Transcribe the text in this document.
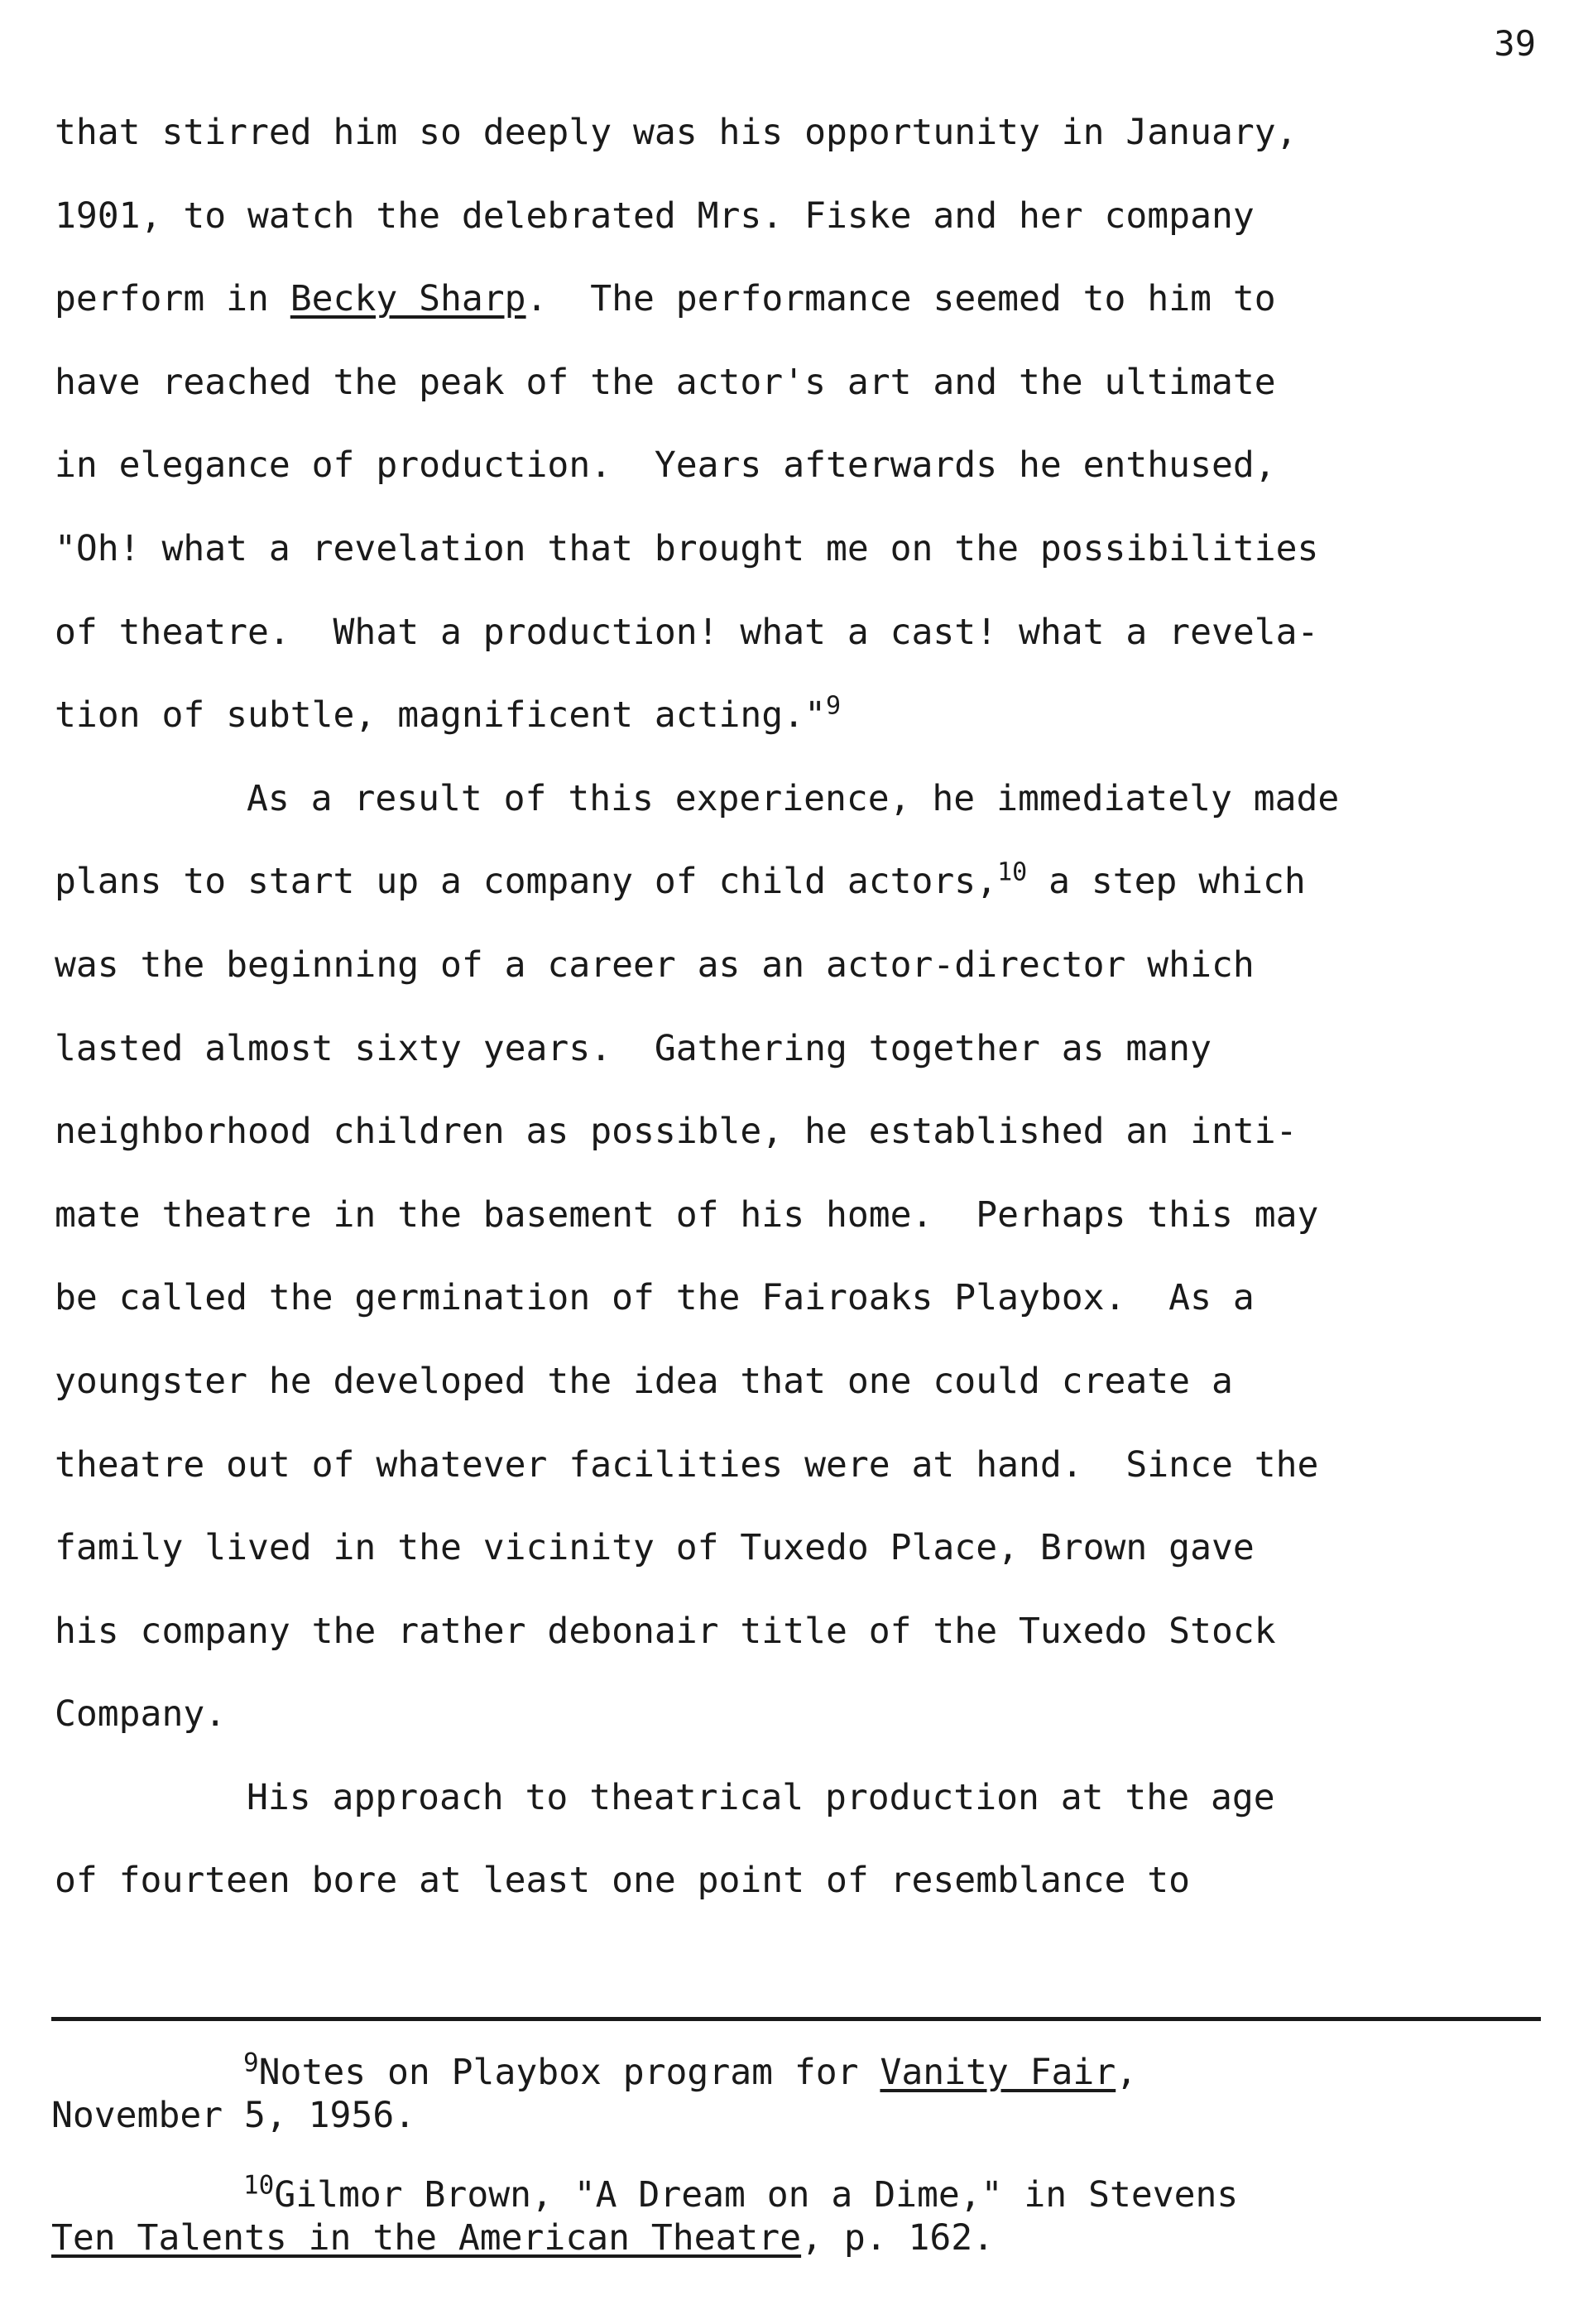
39
that stirred him so deeply was his opportunity in January,
1901, to watch the delebrated Mrs. Fiske and her company
perform in Becky Sharp.  The performance seemed to him to
have reached the peak of the actor's art and the ultimate
in elegance of production.  Years afterwards he enthused,
"Oh! what a revelation that brought me on the possibilities
of theatre.  What a production! what a cast! what a revela-
tion of subtle, magnificent acting."$^9$
As a result of this experience, he immediately made
plans to start up a company of child actors,$^{10}$ a step which
was the beginning of a career as an actor-director which
lasted almost sixty years.  Gathering together as many
neighborhood children as possible, he established an inti-
mate theatre in the basement of his home.  Perhaps this may
be called the germination of the Fairoaks Playbox.  As a
youngster he developed the idea that one could create a
theatre out of whatever facilities were at hand.  Since the
family lived in the vicinity of Tuxedo Place, Brown gave
his company the rather debonair title of the Tuxedo Stock
Company.
His approach to theatrical production at the age
of fourteen bore at least one point of resemblance to
$^9$Notes on Playbox program for Vanity Fair,
November 5, 1956.
$^{10}$Gilmor Brown, "A Dream on a Dime," in Stevens
Ten Talents in the American Theatre, p. 162.
